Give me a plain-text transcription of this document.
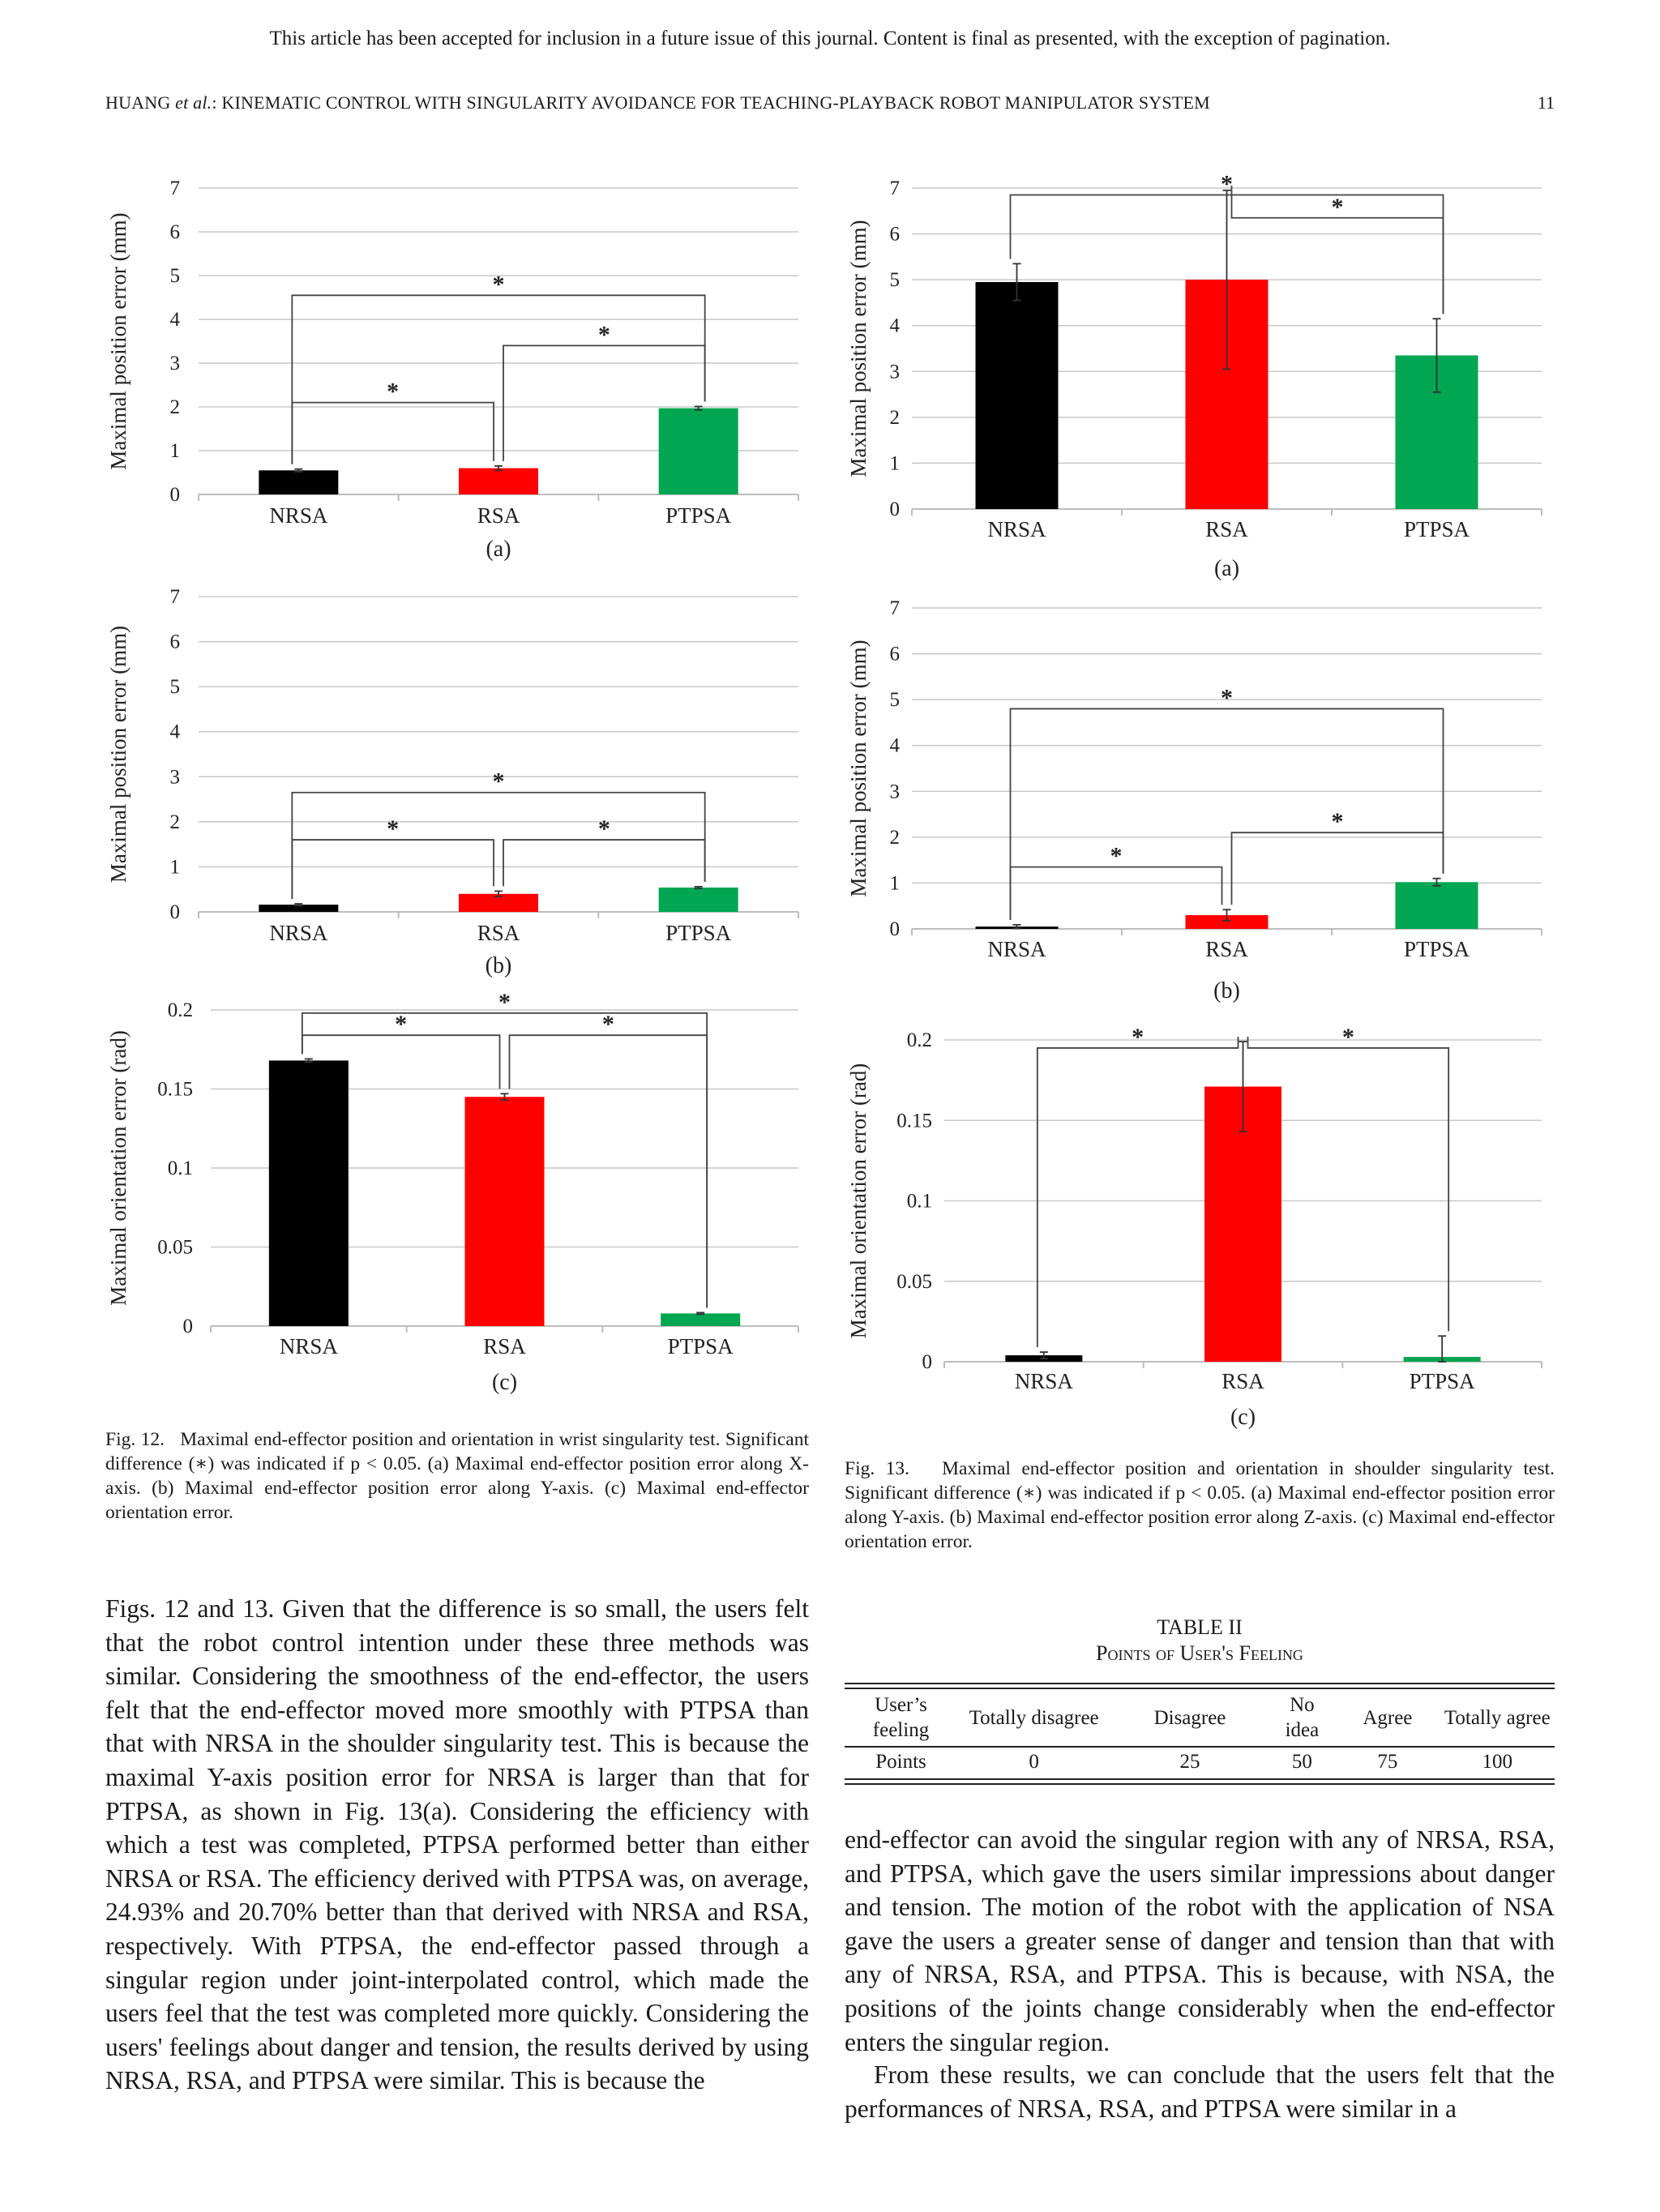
This article has been accepted for inclusion in a future issue of this journal. Content is final as presented, with the exception of pagination.
HUANG et al.: KINEMATIC CONTROL WITH SINGULARITY AVOIDANCE FOR TEACHING-PLAYBACK ROBOT MANIPULATOR SYSTEM	11
0
1
2
3
4
5
6
7
Maximal position error (mm)
NRSA	RSA	PTPSA
*
*
*
(a)
0
1
2
3
4
5
6
7
Maximal position error (mm)
NRSA	RSA	PTPSA
*	*
*
(b)
0
0.05
0.1
0.15
0.2
Maximal orientation error (rad)
NRSA	RSA	PTPSA
*	*
*
(c)
0
1
2
3
4
5
6
7
Maximal position error (mm)
NRSA	RSA	PTPSA
*
*
(a)
0
1
2
3
4
5
6
7
Maximal position error (mm)
NRSA	RSA	PTPSA
*
*
*
(b)
0
0.05
0.1
0.15
0.2
Maximal orientation error (rad)
NRSA	RSA	PTPSA
*	*
(c)
Fig. 12. Maximal end-effector position and orientation in wrist singularity test. Significant difference (∗) was indicated if p < 0.05. (a) Maximal end-effector position error along X-axis. (b) Maximal end-effector position error along Y-axis. (c) Maximal end-effector orientation error.
Fig. 13. Maximal end-effector position and orientation in shoulder singularity test. Significant difference (∗) was indicated if p < 0.05. (a) Maximal end-effector position error along Y-axis. (b) Maximal end-effector position error along Z-axis. (c) Maximal end-effector orientation error.
Figs. 12 and 13. Given that the difference is so small, the users felt that the robot control intention under these three methods was similar. Considering the smoothness of the end-effector, the users felt that the end-effector moved more smoothly with PTPSA than that with NRSA in the shoulder singularity test. This is because the maximal Y-axis position error for NRSA is larger than that for PTPSA, as shown in Fig. 13(a). Considering the efficiency with which a test was completed, PTPSA performed better than either NRSA or RSA. The efficiency derived with PTPSA was, on average, 24.93% and 20.70% better than that derived with NRSA and RSA, respectively. With PTPSA, the end-effector passed through a singular region under joint-interpolated control, which made the users feel that the test was completed more quickly. Considering the users' feelings about danger and tension, the results derived by using NRSA, RSA, and PTPSA were similar. This is because the
TABLE II
Points of User's Feeling
User’s feeling	Totally disagree	Disagree	No idea	Agree	Totally agree
Points	0	25	50	75	100
end-effector can avoid the singular region with any of NRSA, RSA, and PTPSA, which gave the users similar impressions about danger and tension. The motion of the robot with the application of NSA gave the users a greater sense of danger and tension than that with any of NRSA, RSA, and PTPSA. This is because, with NSA, the positions of the joints change considerably when the end-effector enters the singular region.
From these results, we can conclude that the users felt that the performances of NRSA, RSA, and PTPSA were similar in a
